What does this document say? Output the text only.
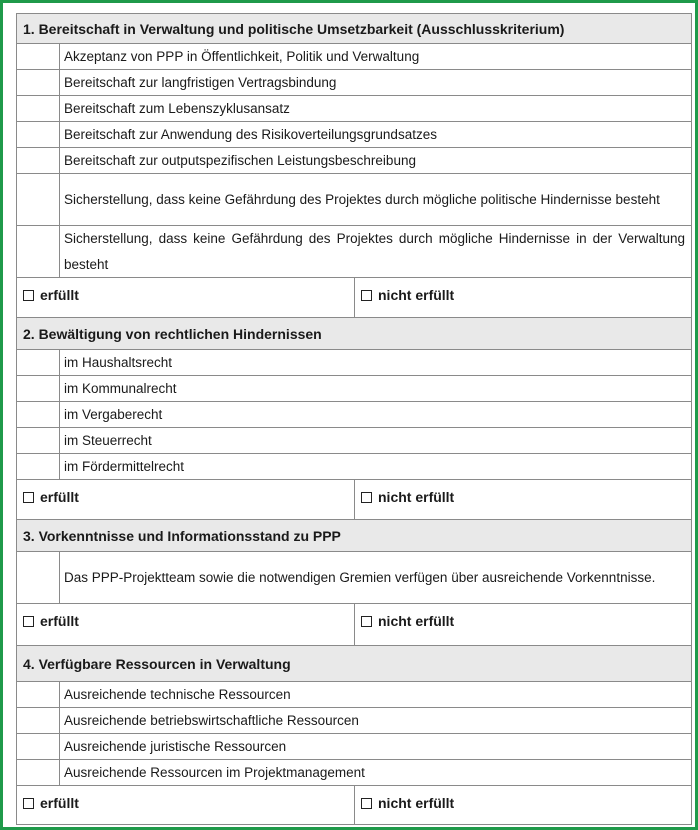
1. Bereitschaft in Verwaltung und politische Umsetzbarkeit (Ausschlusskriterium)
Akzeptanz von PPP in Öffentlichkeit, Politik und Verwaltung
Bereitschaft zur langfristigen Vertragsbindung
Bereitschaft zum Lebenszyklusansatz
Bereitschaft zur Anwendung des Risikoverteilungsgrundsatzes
Bereitschaft zur outputspezifischen Leistungsbeschreibung
Sicherstellung, dass keine Gefährdung des Projektes durch mögliche politische Hindernisse besteht
Sicherstellung, dass keine Gefährdung des Projektes durch mögliche Hindernisse in der Verwaltung besteht
erfüllt	nicht erfüllt
2. Bewältigung von rechtlichen Hindernissen
im Haushaltsrecht
im Kommunalrecht
im Vergaberecht
im Steuerrecht
im Fördermittelrecht
erfüllt	nicht erfüllt
3. Vorkenntnisse und Informationsstand zu PPP
Das PPP-Projektteam sowie die notwendigen Gremien verfügen über ausreichende Vorkenntnisse.
erfüllt	nicht erfüllt
4. Verfügbare Ressourcen in Verwaltung
Ausreichende technische Ressourcen
Ausreichende betriebswirtschaftliche Ressourcen
Ausreichende juristische Ressourcen
Ausreichende Ressourcen im Projektmanagement
erfüllt	nicht erfüllt
